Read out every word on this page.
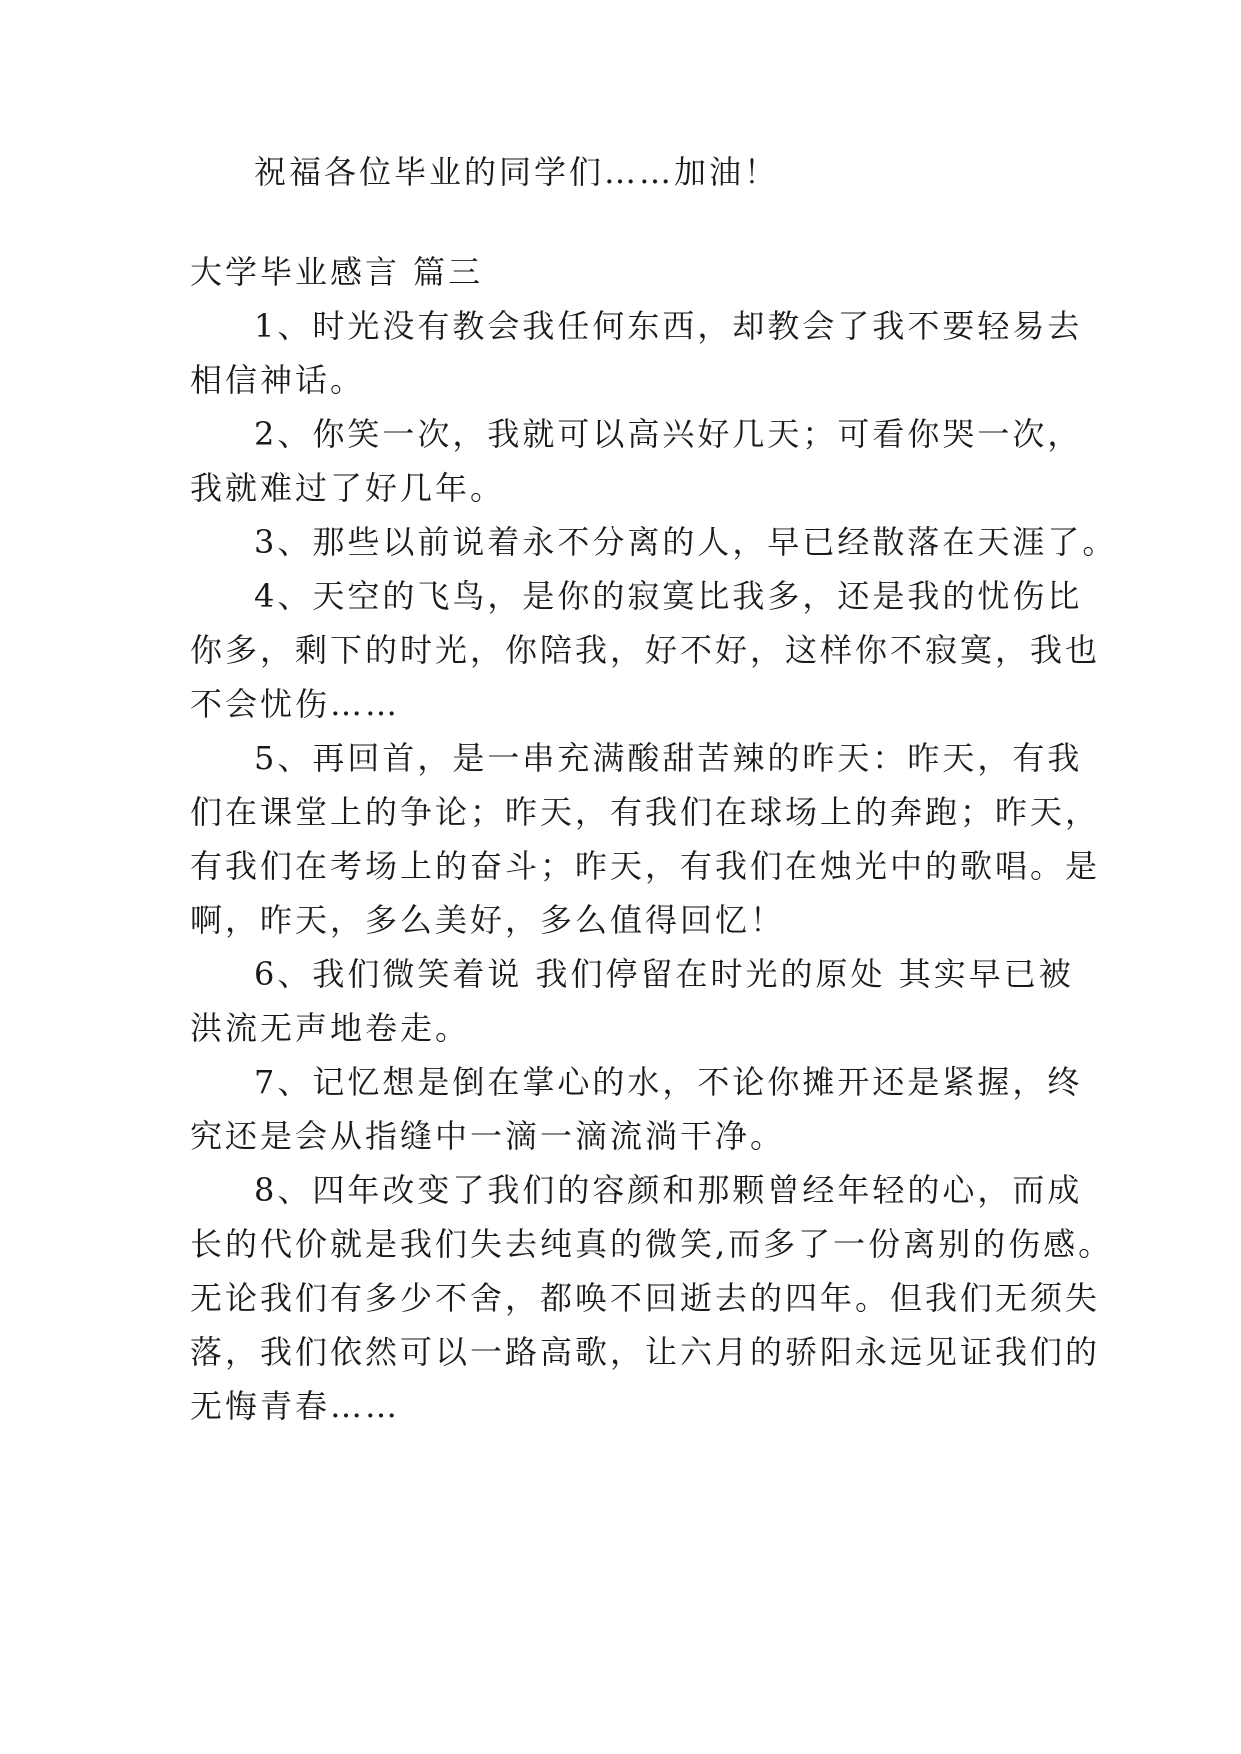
祝福各位毕业的同学们……加油！
大学毕业感言 篇三
1、时光没有教会我任何东西，却教会了我不要轻易去
相信神话。
2、你笑一次，我就可以高兴好几天；可看你哭一次，
我就难过了好几年。
3、那些以前说着永不分离的人，早已经散落在天涯了。
4、天空的飞鸟，是你的寂寞比我多，还是我的忧伤比
你多，剩下的时光，你陪我，好不好，这样你不寂寞，我也
不会忧伤……
5、再回首，是一串充满酸甜苦辣的昨天：昨天，有我
们在课堂上的争论；昨天，有我们在球场上的奔跑；昨天，
有我们在考场上的奋斗；昨天，有我们在烛光中的歌唱。是
啊，昨天，多么美好，多么值得回忆！
6、我们微笑着说 我们停留在时光的原处 其实早已被
洪流无声地卷走。
7、记忆想是倒在掌心的水，不论你摊开还是紧握，终
究还是会从指缝中一滴一滴流淌干净。
8、四年改变了我们的容颜和那颗曾经年轻的心，而成
长的代价就是我们失去纯真的微笑,而多了一份离别的伤感。
无论我们有多少不舍，都唤不回逝去的四年。但我们无须失
落，我们依然可以一路高歌，让六月的骄阳永远见证我们的
无悔青春……
